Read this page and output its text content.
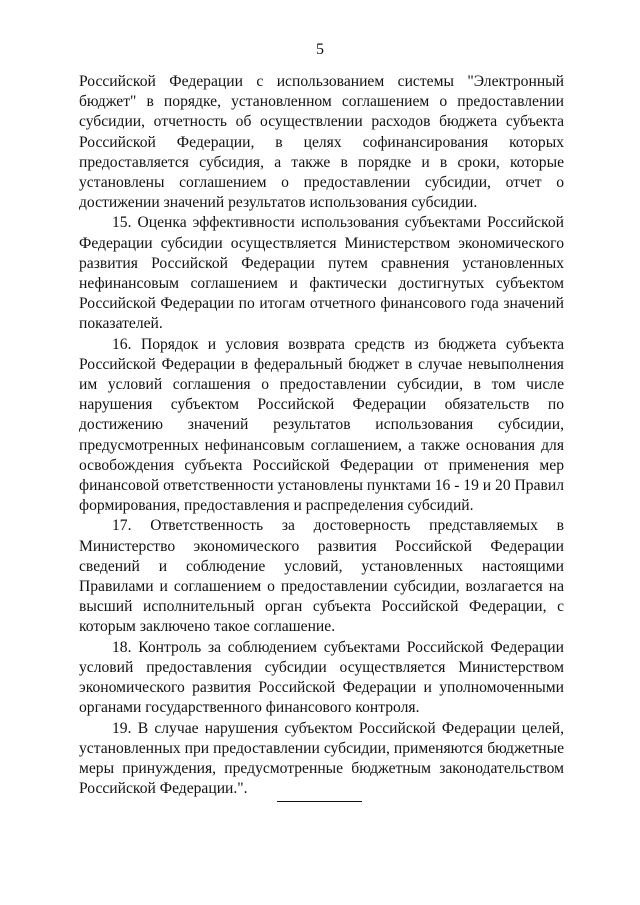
5

Российской Федерации с использованием системы "Электронный бюджет" в порядке, установленном соглашением о предоставлении субсидии, отчетность об осуществлении расходов бюджета субъекта Российской Федерации, в целях софинансирования которых предоставляется субсидия, а также в порядке и в сроки, которые установлены соглашением о предоставлении субсидии, отчет о достижении значений результатов использования субсидии.

15. Оценка эффективности использования субъектами Российской Федерации субсидии осуществляется Министерством экономического развития Российской Федерации путем сравнения установленных нефинансовым соглашением и фактически достигнутых субъектом Российской Федерации по итогам отчетного финансового года значений показателей.

16. Порядок и условия возврата средств из бюджета субъекта Российской Федерации в федеральный бюджет в случае невыполнения им условий соглашения о предоставлении субсидии, в том числе нарушения субъектом Российской Федерации обязательств по достижению значений результатов использования субсидии, предусмотренных нефинансовым соглашением, а также основания для освобождения субъекта Российской Федерации от применения мер финансовой ответственности установлены пунктами 16 - 19 и 20 Правил формирования, предоставления и распределения субсидий.

17. Ответственность за достоверность представляемых в Министерство экономического развития Российской Федерации сведений и соблюдение условий, установленных настоящими Правилами и соглашением о предоставлении субсидии, возлагается на высший исполнительный орган субъекта Российской Федерации, с которым заключено такое соглашение.

18. Контроль за соблюдением субъектами Российской Федерации условий предоставления субсидии осуществляется Министерством экономического развития Российской Федерации и уполномоченными органами государственного финансового контроля.

19. В случае нарушения субъектом Российской Федерации целей, установленных при предоставлении субсидии, применяются бюджетные меры принуждения, предусмотренные бюджетным законодательством Российской Федерации.".
